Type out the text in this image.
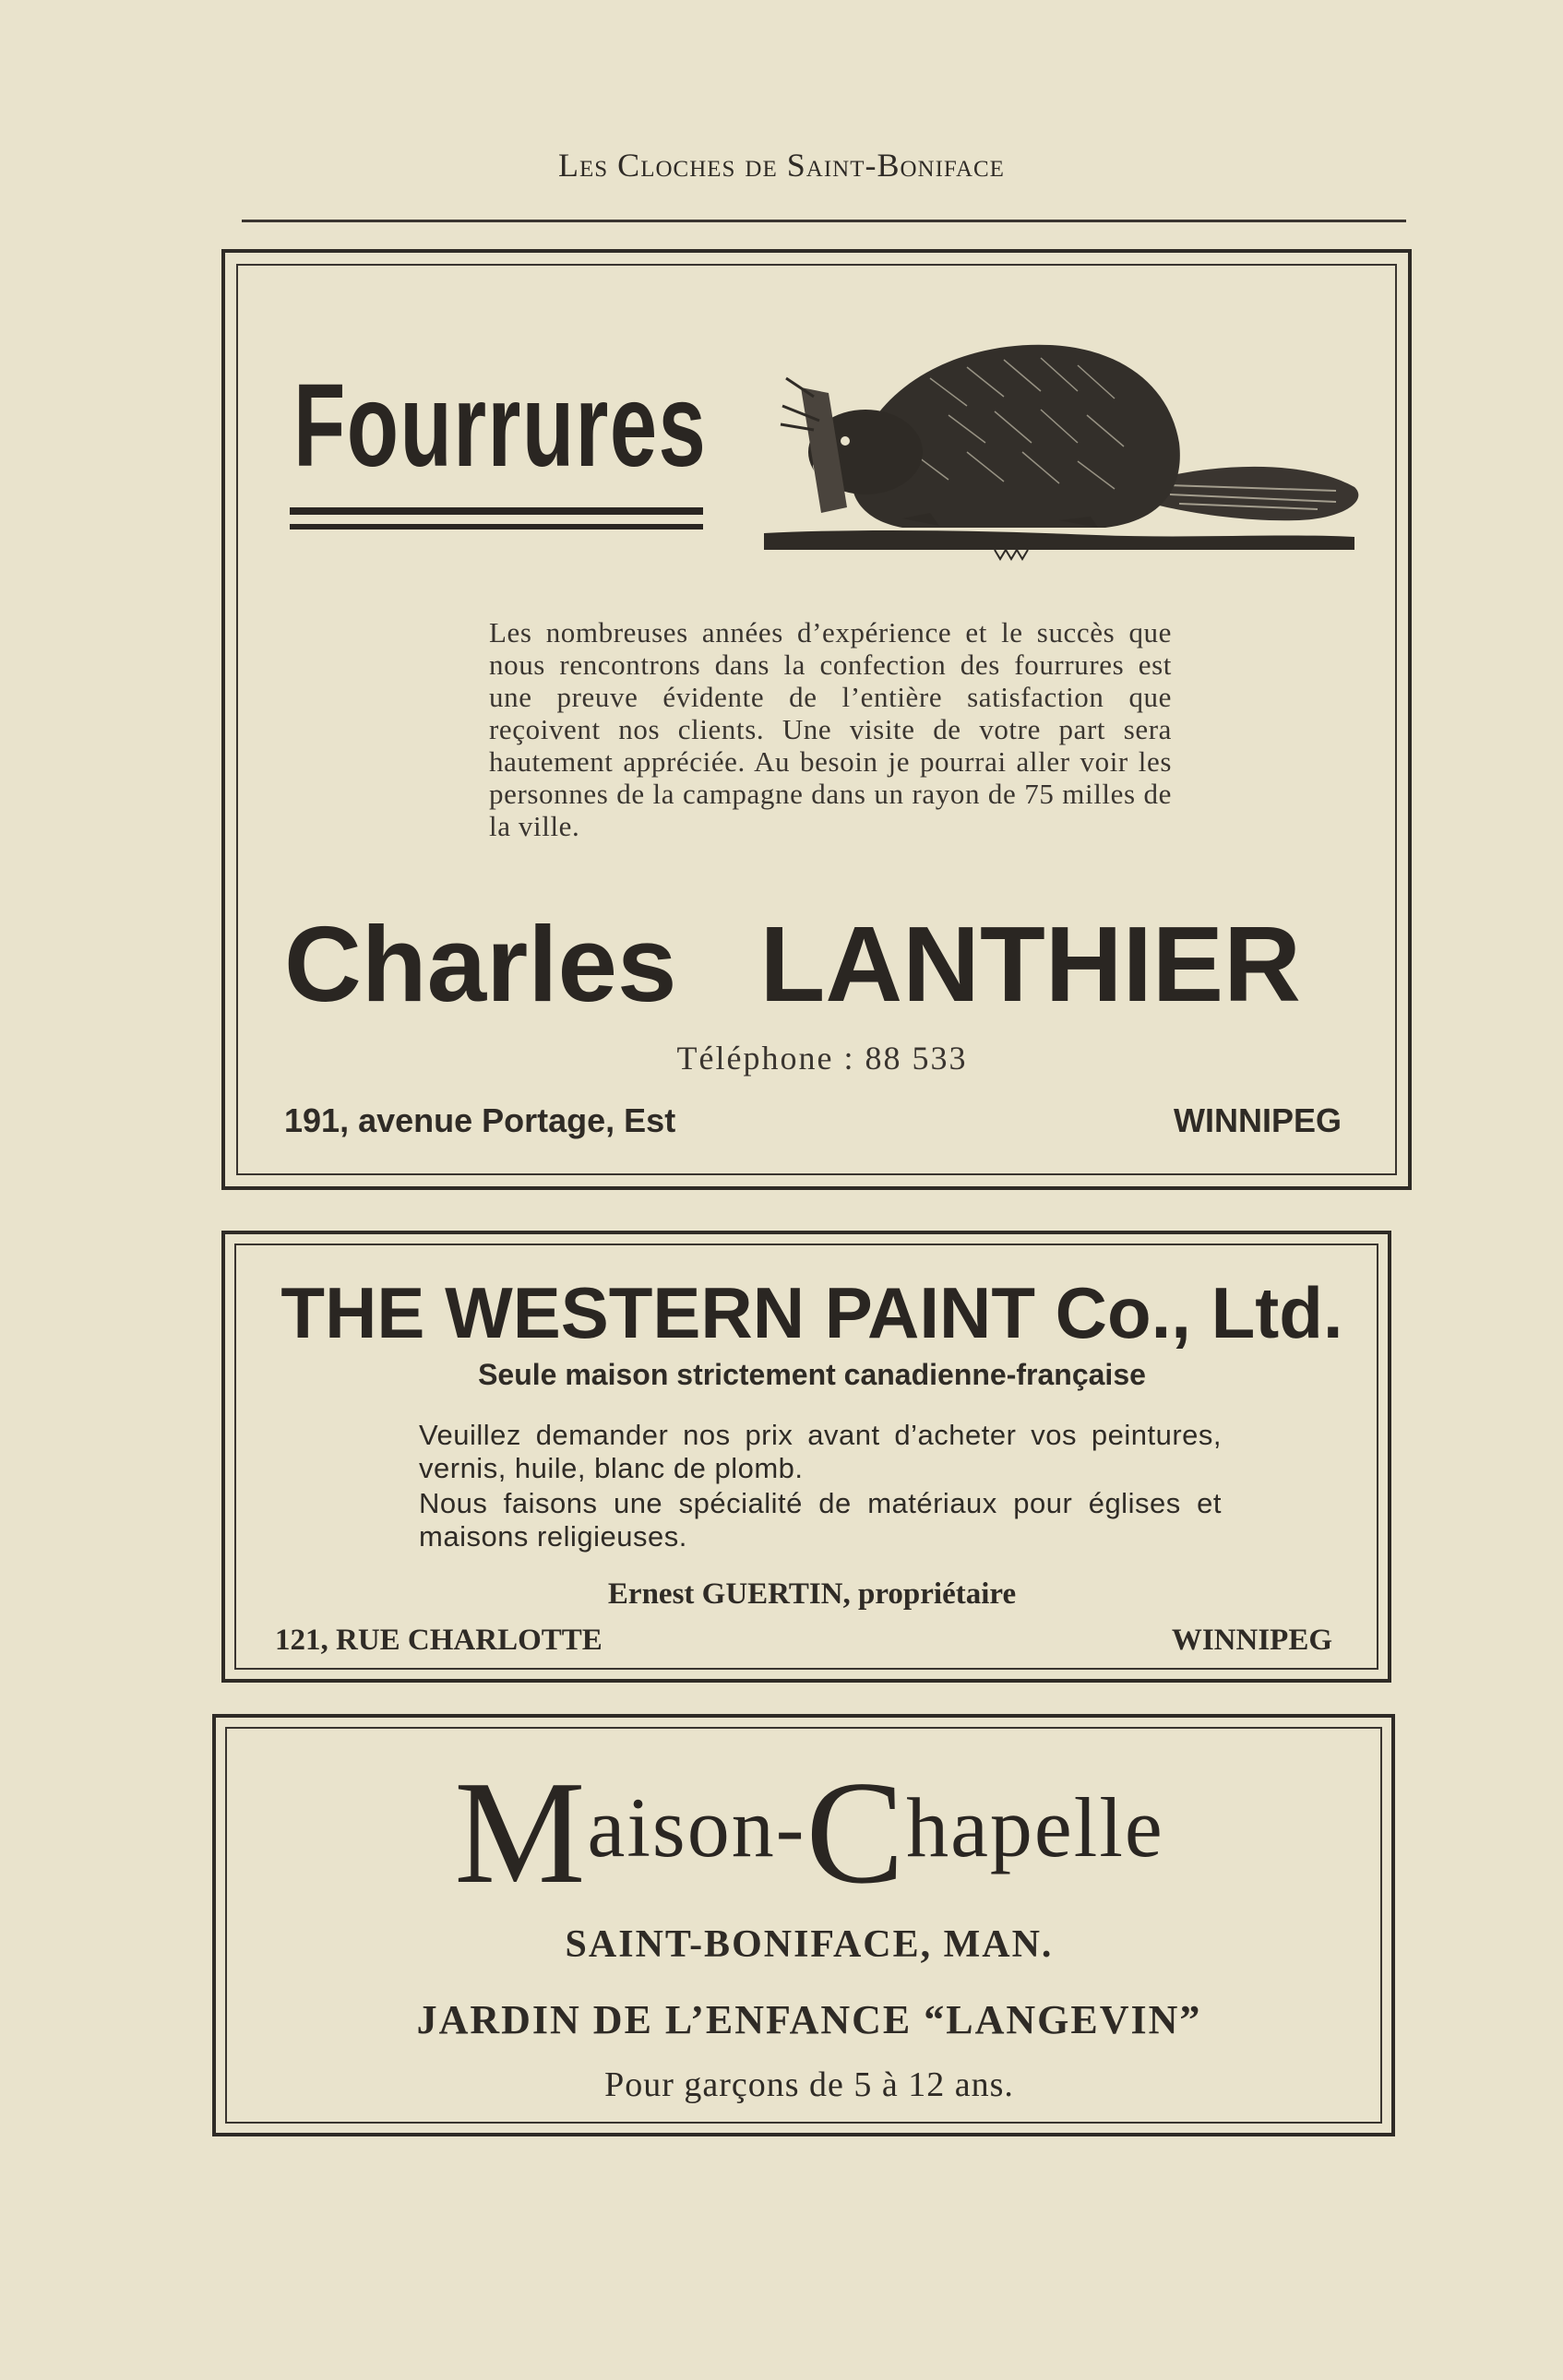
Les Cloches de Saint-Boniface
Fourrures
Les nombreuses années d’expérience et le succès que nous rencontrons dans la confection des fourrures est une preuve évidente de l’entière satisfaction que reçoivent nos clients. Une visite de votre part sera hautement appréciée. Au besoin je pourrai aller voir les personnes de la campagne dans un rayon de 75 milles de la ville.
Charles LANTHIER
Téléphone : 88 533
191, avenue Portage, Est	WINNIPEG
THE WESTERN PAINT Co., Ltd.
Seule maison strictement canadienne-française

Veuillez demander nos prix avant d’acheter vos peintures, vernis, huile, blanc de plomb.

Nous faisons une spécialité de matériaux pour églises et maisons religieuses.

Ernest GUERTIN, propriétaire
121, RUE CHARLOTTE	WINNIPEG
Maison-Chapelle
SAINT-BONIFACE, MAN.
JARDIN DE L’ENFANCE “LANGEVIN”
Pour garçons de 5 à 12 ans.
